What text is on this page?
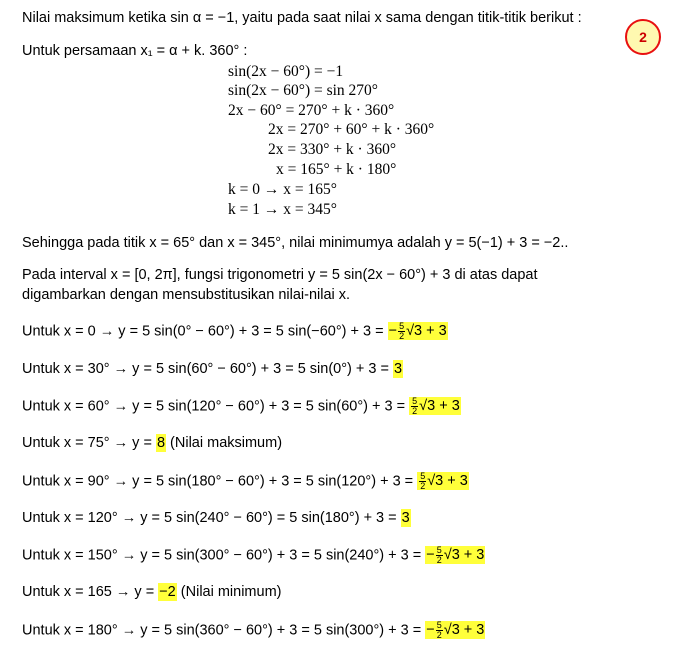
2
Nilai maksimum ketika sin α = −1, yaitu pada saat nilai x sama dengan titik-titik berikut :
Untuk persamaan x₁ = α + k. 360° :
sin(2x − 60°) = −1
sin(2x − 60°) = sin 270°
2x − 60° = 270° + k · 360°
2x = 270° + 60° + k · 360°
2x = 330° + k · 360°
x = 165° + k · 180°
k = 0 → x = 165°
k = 1 → x = 345°
Sehingga pada titik x = 65° dan x = 345°, nilai minimumya adalah y = 5(−1) + 3 = −2..
Pada interval x = [0, 2π], fungsi trigonometri y = 5 sin(2x − 60°) + 3 di atas dapat
digambarkan dengan mensubstitusikan nilai-nilai x.
Untuk x = 0 → y = 5 sin(0° − 60°) + 3 = 5 sin(−60°) + 3 = − $\frac{5}{2} √3 + 3$
Untuk x = 30° → y = 5 sin(60° − 60°) + 3 = 5 sin(0°) + 3 = 3
Untuk x = 60° → y = 5 sin(120° − 60°) + 3 = 5 $\sin(60^\circ) + 3 = \frac{5}{2} √3 + 3$
Untuk x = 75° → y = 8 (Nilai maksimum)
Untuk x = 90° → y = 5 sin(180° − 60°) + 3 = 5 $\sin(120^\circ) + 3 = \frac{5}{2} √3 + 3$
Untuk x = 120° → y = 5 sin(240° − 60°) = 5 sin(180°) + 3 = 3
Untuk x = 150° → y = 5 sin(300° − 60°) + 3 = 5 sin(240°) + 3 = − $\frac{5}{2} √3 + 3$
Untuk x = 165 → y = −2 (Nilai minimum)
Untuk x = 180° → y = 5 sin(360° − 60°) + 3 = 5 sin(300°) + 3 = − $\frac{5}{2} √3 + 3$
